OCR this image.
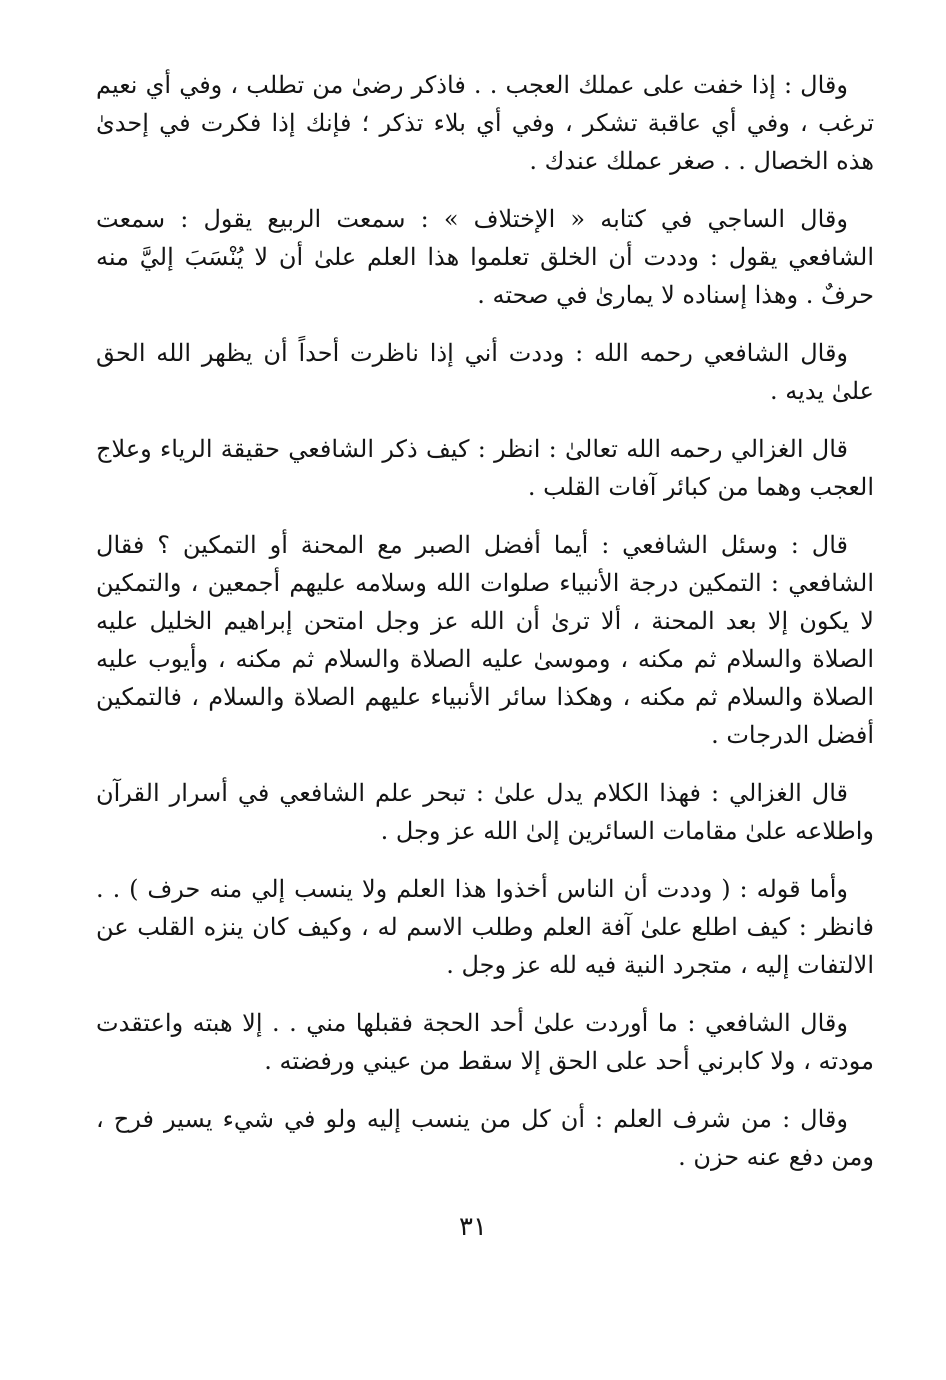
وقال : إذا خفت على عملك العجب . . فاذكر رضىٰ من تطلب ، وفي أي نعيم ترغب ، وفي أي عاقبة تشكر ، وفي أي بلاء تذكر ؛ فإنك إذا فكرت في إحدىٰ هذه الخصال . . صغر عملك عندك .

وقال الساجي في كتابه « الإختلاف » : سمعت الربيع يقول : سمعت الشافعي يقول : وددت أن الخلق تعلموا هذا العلم علىٰ أن لا يُنْسَبَ إليَّ منه حرفٌ . وهذا إسناده لا يماریٰ في صحته .

وقال الشافعي رحمه الله : وددت أني إذا ناظرت أحداً أن يظهر الله الحق علىٰ يديه .

قال الغزالي رحمه الله تعالىٰ : انظر : كيف ذكر الشافعي حقيقة الرياء وعلاج العجب وهما من كبائر آفات القلب .

قال : وسئل الشافعي : أيما أفضل الصبر مع المحنة أو التمكين ؟ فقال الشافعي : التمكين درجة الأنبياء صلوات الله وسلامه عليهم أجمعين ، والتمكين لا يكون إلا بعد المحنة ، ألا ترىٰ أن الله عز وجل امتحن إبراهيم الخليل عليه الصلاة والسلام ثم مكنه ، وموسىٰ عليه الصلاة والسلام ثم مكنه ، وأيوب عليه الصلاة والسلام ثم مكنه ، وهكذا سائر الأنبياء عليهم الصلاة والسلام ، فالتمكين أفضل الدرجات .

قال الغزالي : فهذا الكلام يدل علىٰ : تبحر علم الشافعي في أسرار القرآن واطلاعه علىٰ مقامات السائرين إلىٰ الله عز وجل .

وأما قوله : ( وددت أن الناس أخذوا هذا العلم ولا ينسب إلي منه حرف ) . . فانظر : كيف اطلع علىٰ آفة العلم وطلب الاسم له ، وكيف كان ينزه القلب عن الالتفات إليه ، متجرد النية فيه لله عز وجل .

وقال الشافعي : ما أوردت علىٰ أحد الحجة فقبلها مني . . إلا هبته واعتقدت مودته ، ولا كابرني أحد على الحق إلا سقط من عيني ورفضته .

وقال : من شرف العلم : أن كل من ينسب إليه ولو في شيء يسير فرح ، ومن دفع عنه حزن .

٣١
